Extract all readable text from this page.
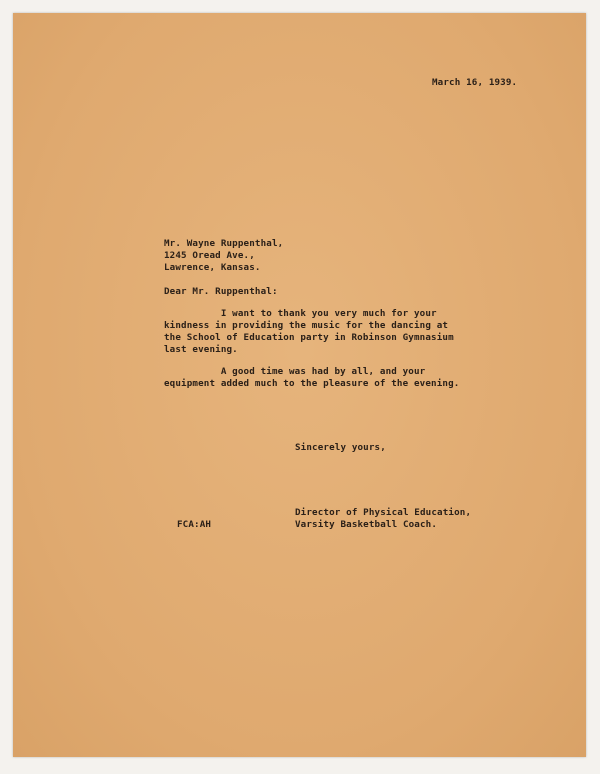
March 16, 1939.
Mr. Wayne Ruppenthal,
1245 Oread Ave.,
Lawrence, Kansas.
Dear Mr. Ruppenthal:
I want to thank you very much for your
kindness in providing the music for the dancing at
the School of Education party in Robinson Gymnasium
last evening.
A good time was had by all, and your
equipment added much to the pleasure of the evening.
Sincerely yours,
Director of Physical Education,
Varsity Basketball Coach.
FCA:AH
